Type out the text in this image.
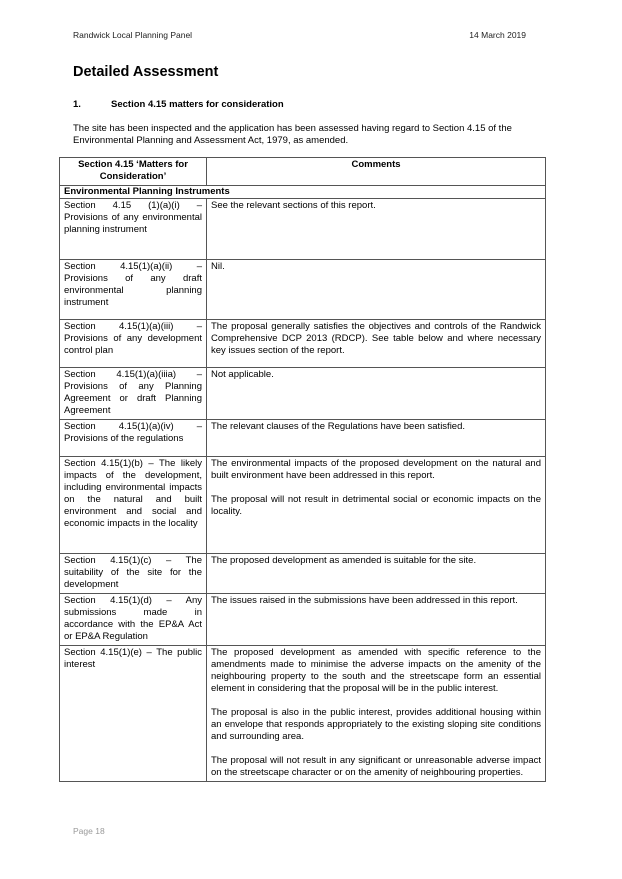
Randwick Local Planning Panel	14 March 2019
Detailed Assessment
1.	Section 4.15 matters for consideration

The site has been inspected and the application has been assessed having regard to Section 4.15 of the Environmental Planning and Assessment Act, 1979, as amended.

Section 4.15 ‘Matters for Consideration’	Comments
Environmental Planning Instruments	
Section 4.15 (1)(a)(i) – Provisions of any environmental planning instrument	See the relevant sections of this report.

Section 4.15(1)(a)(ii) – Provisions of any draft environmental planning instrument	Nil.

Section 4.15(1)(a)(iii) – Provisions of any development control plan	The proposal generally satisfies the objectives and controls of the Randwick Comprehensive DCP 2013 (RDCP). See table below and where necessary key issues section of the report.

Section 4.15(1)(a)(iiia) – Provisions of any Planning Agreement or draft Planning Agreement	Not applicable.

Section 4.15(1)(a)(iv) – Provisions of the regulations	The relevant clauses of the Regulations have been satisfied.

Section 4.15(1)(b) – The likely impacts of the development, including environmental impacts on the natural and built environment and social and economic impacts in the locality	The environmental impacts of the proposed development on the natural and built environment have been addressed in this report.

The proposal will not result in detrimental social or economic impacts on the locality.

Section 4.15(1)(c) – The suitability of the site for the development	The proposed development as amended is suitable for the site.

Section 4.15(1)(d) – Any submissions made in accordance with the EP&A Act or EP&A Regulation	The issues raised in the submissions have been addressed in this report.

Section 4.15(1)(e) – The public interest	The proposed development as amended with specific reference to the amendments made to minimise the adverse impacts on the amenity of the neighbouring property to the south and the streetscape form an essential element in considering that the proposal will be in the public interest.

The proposal is also in the public interest, provides additional housing within an envelope that responds appropriately to the existing sloping site conditions and surrounding area.

The proposal will not result in any significant or unreasonable adverse impact on the streetscape character or on the amenity of neighbouring properties.

Page 18
